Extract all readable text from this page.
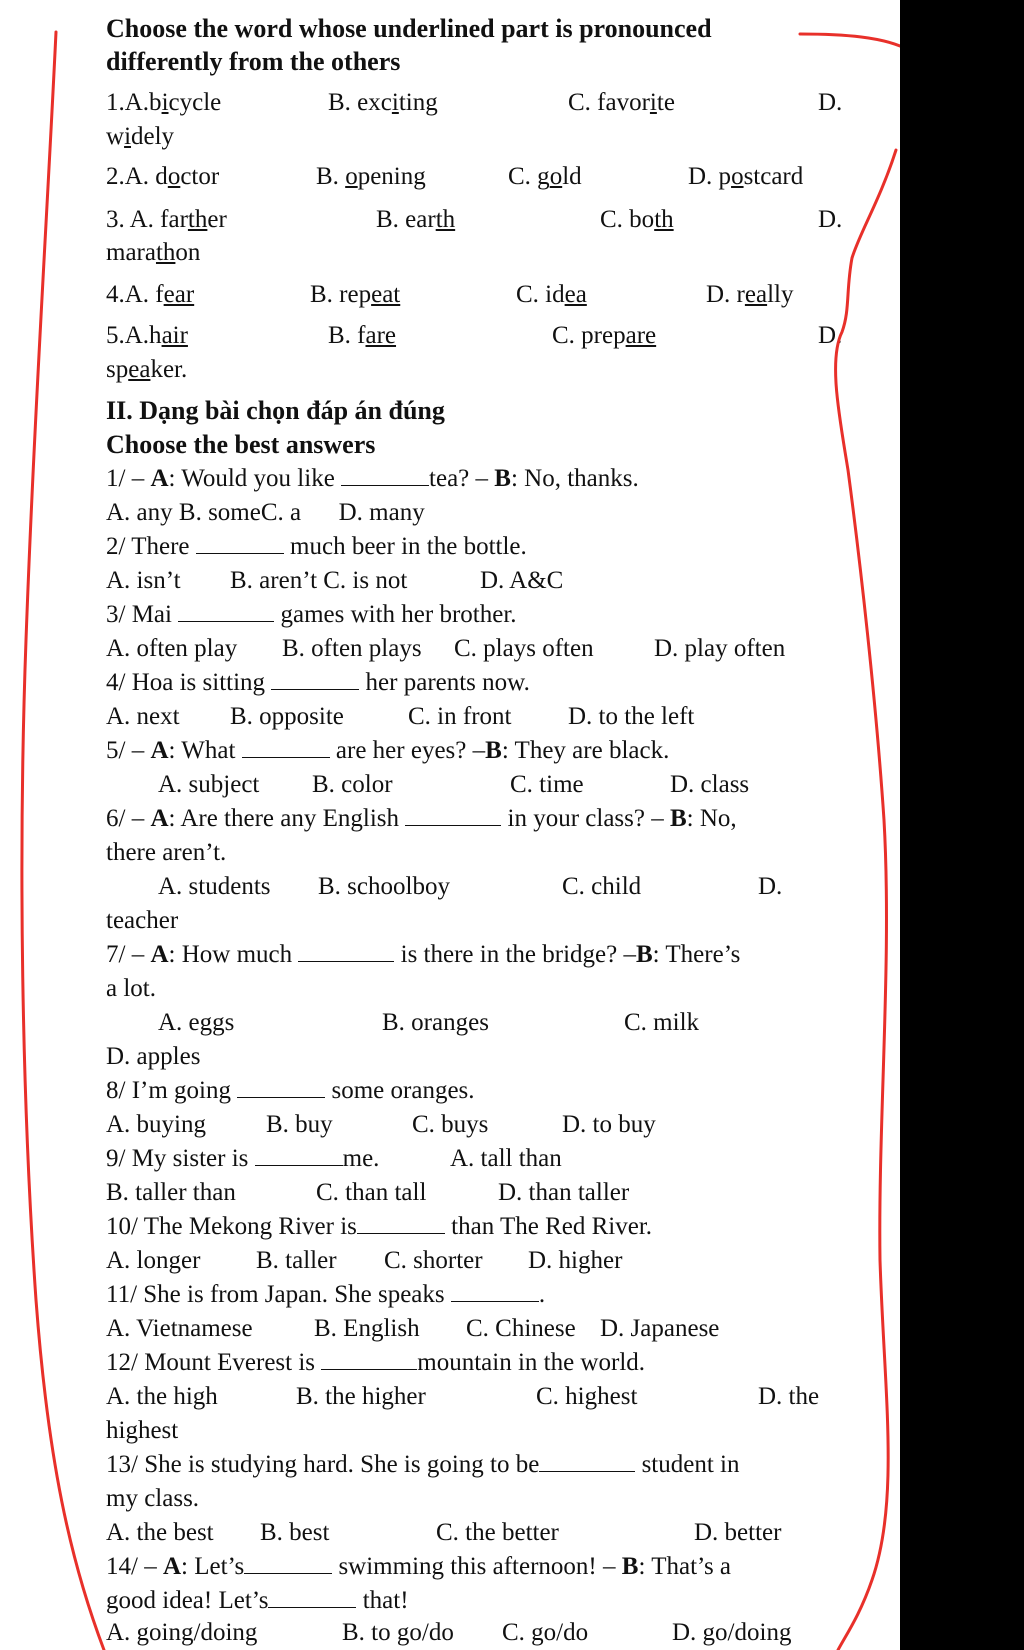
Choose the word whose underlined part is pronounced
differently from the others
1.A.bicycle	B. exciting	C. favorite	D.
widely
2.A. doctor	B. opening	C. gold	D. postcard
3. A. farther	B. earth	C. both	D.
marathon
4.A. fear	B. repeat	C. idea	D. really
5.A.hair	B. fare	C. prepare	D.
speaker.
II. Dạng bài chọn đáp án đúng
Choose the best answers
1/ – A: Would you like	tea? – B: No, thanks.
A. any B. someC. a      D. many
2/ There	much beer in the bottle.
A. isn’t B. aren’t C. is not	D. A&C
3/ Mai	games with her brother.
A. often play B. often plays C. plays often D. play often
4/ Hoa is sitting	her parents now.
A. next B. opposite	C. in front D. to the left
5/ – A: What	are her eyes? –B: They are black.
A. subject B. color	C. time	D. class
6/ – A: Are there any English	in your class? – B: No,
there aren’t.
A. students B. schoolboy	C. child	D.
teacher
7/ – A: How much	is there in the bridge? –B: There’s
a lot.
A. eggs	B. oranges	C. milk
D. apples
8/ I’m going	some oranges.
A. buying B. buy	C. buys	D. to buy
9/ My sister is	me.	A. tall than
B. taller than	C. than tall	D. than taller
10/ The Mekong River is	than The Red River.
A. longer B. taller C. shorter D. higher
11/ She is from Japan. She speaks	.
A. Vietnamese B. English C. Chinese D. Japanese
12/ Mount Everest is	mountain in the world.
A. the high	B. the higher	C. highest	D. the
highest
13/ She is studying hard. She is going to be	student in
my class.
A. the best B. best	C. the better	D. better
14/ – A: Let’s	swimming this afternoon! – B: That’s a
good idea! Let’s	that!
A. going/doing	B. to go/do C. go/do	D. go/doing
